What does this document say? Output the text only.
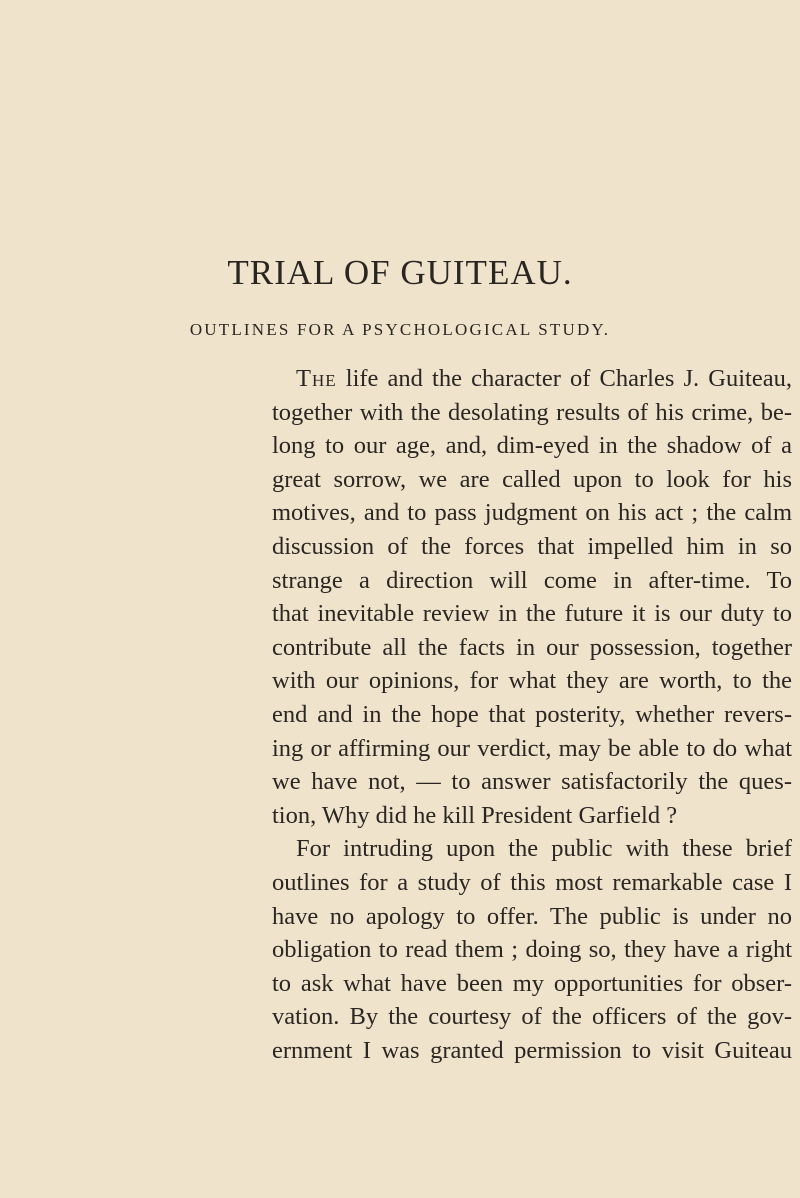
TRIAL OF GUITEAU.
OUTLINES FOR A PSYCHOLOGICAL STUDY.
The life and the character of Charles J. Guiteau,
together with the desolating results of his crime, be-
long to our age, and, dim-eyed in the shadow of a
great sorrow, we are called upon to look for his
motives, and to pass judgment on his act ; the calm
discussion of the forces that impelled him in so
strange a direction will come in after-time. To
that inevitable review in the future it is our duty to
contribute all the facts in our possession, together
with our opinions, for what they are worth, to the
end and in the hope that posterity, whether revers-
ing or affirming our verdict, may be able to do what
we have not, — to answer satisfactorily the ques-
tion, Why did he kill President Garfield ?
For intruding upon the public with these brief
outlines for a study of this most remarkable case I
have no apology to offer. The public is under no
obligation to read them ; doing so, they have a right
to ask what have been my opportunities for obser-
vation. By the courtesy of the officers of the gov-
ernment I was granted permission to visit Guiteau
